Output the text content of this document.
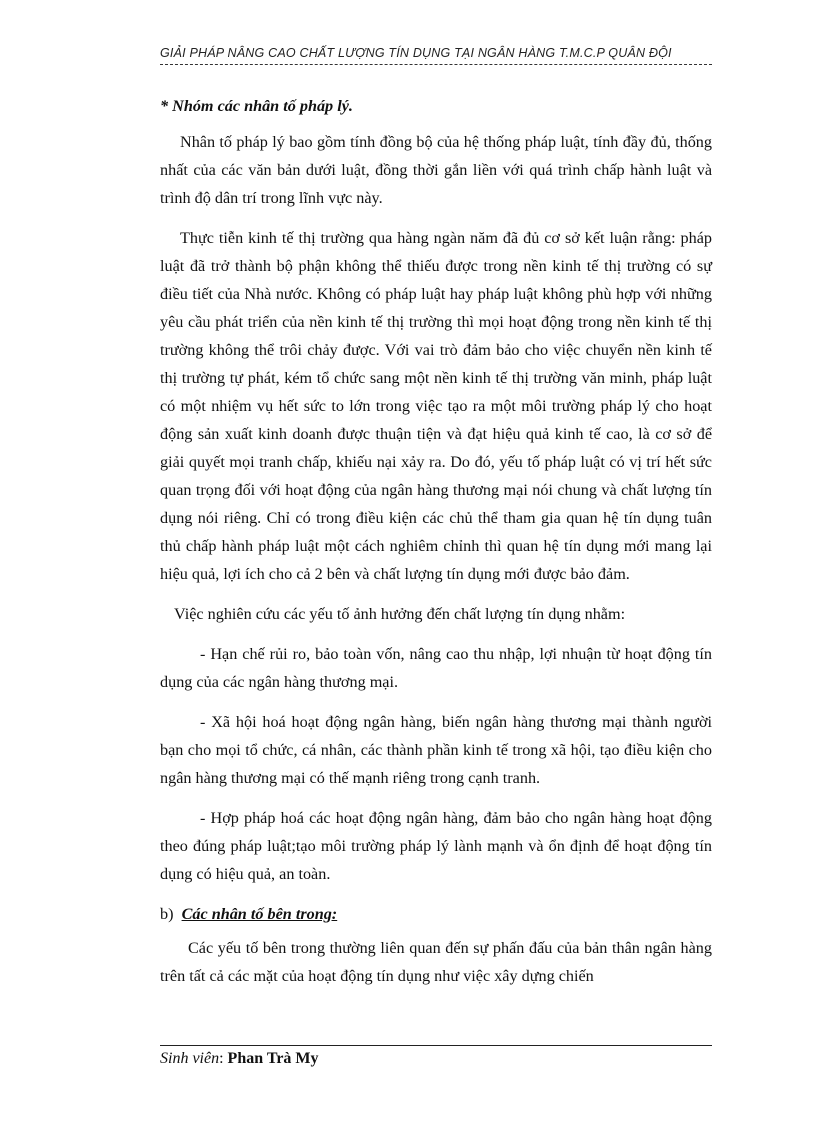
GIẢI PHÁP NÂNG CAO CHẤT LƯỢNG TÍN DỤNG TẠI NGÂN HÀNG T.M.C.P QUÂN ĐỘI

* Nhóm các nhân tố pháp lý.

Nhân tố pháp lý bao gồm tính đồng bộ của hệ thống pháp luật, tính đầy đủ, thống nhất của các văn bản dưới luật, đồng thời gắn liền với quá trình chấp hành luật và trình độ dân trí trong lĩnh vực này.

Thực tiễn kinh tế thị trường qua hàng ngàn năm đã đủ cơ sở kết luận rằng: pháp luật đã trở thành bộ phận không thể thiếu được trong nền kinh tế thị trường có sự điều tiết của Nhà nước. Không có pháp luật hay pháp luật không phù hợp với những yêu cầu phát triển của nền kinh tế thị trường thì mọi hoạt động trong nền kinh tế thị trường không thể trôi chảy được. Với vai trò đảm bảo cho việc chuyển nền kinh tế thị trường tự phát, kém tổ chức sang một nền kinh tế thị trường văn minh, pháp luật có một nhiệm vụ hết sức to lớn trong việc tạo ra một môi trường pháp lý cho hoạt động sản xuất kinh doanh được thuận tiện và đạt hiệu quả kinh tế cao, là cơ sở để giải quyết mọi tranh chấp, khiếu nại xảy ra. Do đó, yếu tố pháp luật có vị trí hết sức quan trọng đối với hoạt động của ngân hàng thương mại nói chung và chất lượng tín dụng nói riêng. Chỉ có trong điều kiện các chủ thể tham gia quan hệ tín dụng tuân thủ chấp hành pháp luật một cách nghiêm chỉnh thì quan hệ tín dụng mới mang lại hiệu quả, lợi ích cho cả 2 bên và chất lượng tín dụng mới được bảo đảm.

Việc nghiên cứu các yếu tố ảnh hưởng đến chất lượng tín dụng nhằm:

- Hạn chế rủi ro, bảo toàn vốn, nâng cao thu nhập, lợi nhuận từ hoạt động tín dụng của các ngân hàng thương mại.

- Xã hội hoá hoạt động ngân hàng, biến ngân hàng thương mại thành người bạn cho mọi tổ chức, cá nhân, các thành phần kinh tế trong xã hội, tạo điều kiện cho ngân hàng thương mại có thế mạnh riêng trong cạnh tranh.

- Hợp pháp hoá các hoạt động ngân hàng, đảm bảo cho ngân hàng hoạt động theo đúng pháp luật;tạo môi trường pháp lý lành mạnh và ổn định để hoạt động tín dụng có hiệu quả, an toàn.

b) Các nhân tố bên trong:

Các yếu tố bên trong thường liên quan đến sự phấn đấu của bản thân ngân hàng trên tất cả các mặt của hoạt động tín dụng như việc xây dựng chiến

Sinh viên: Phan Trà My
